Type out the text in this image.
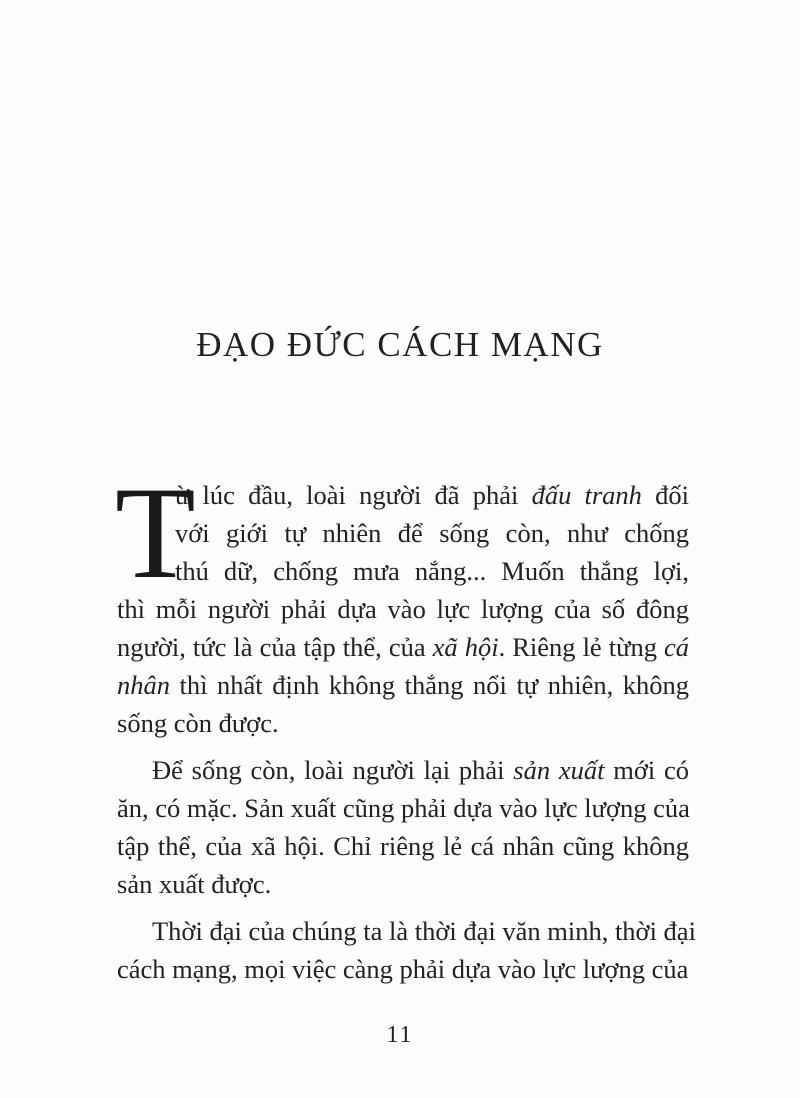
ĐẠO ĐỨC CÁCH MẠNG
T

ừ lúc đầu, loài người đã phải đấu tranh đối
với giới tự nhiên để sống còn, như chống
thú dữ, chống mưa nắng... Muốn thắng lợi,
thì mỗi người phải dựa vào lực lượng của số đông
người, tức là của tập thể, của xã hội. Riêng lẻ từng cá
nhân thì nhất định không thắng nổi tự nhiên, không
sống còn được.

Để sống còn, loài người lại phải sản xuất mới có
ăn, có mặc. Sản xuất cũng phải dựa vào lực lượng của
tập thể, của xã hội. Chỉ riêng lẻ cá nhân cũng không
sản xuất được.

Thời đại của chúng ta là thời đại văn minh, thời đại
cách mạng, mọi việc càng phải dựa vào lực lượng của

11
